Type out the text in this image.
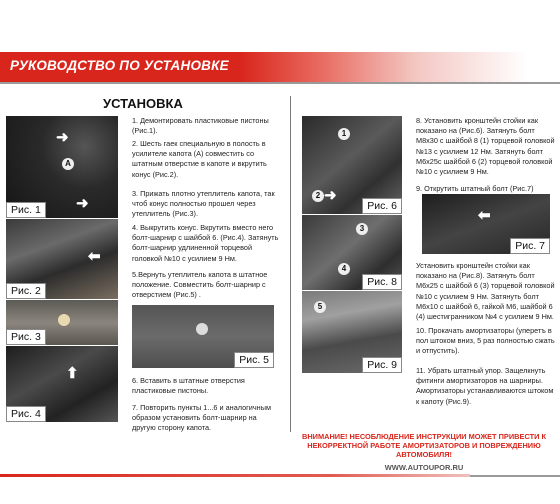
РУКОВОДСТВО ПО УСТАНОВКЕ
УСТАНОВКА
➜
➜
A
Рис. 1
⬅
Рис. 2
Рис. 3
⬆
Рис. 4
1. Демонтировать пластиковые пистоны (Рис.1).
2. Шесть гаек специальную в полость в усилителе капота (А) совместить со штатным отверстие в капоте и вкрутить конус (Рис.2).
3. Прижать плотно утеплитель капота, так чтоб конус полностью прошел через утеплитель (Рис.3).
4. Выкрутить конус. Вкрутить вместо него болт-шарнир с шайбой 6. (Рис.4). Затянуть болт-шарнир удлиненной торцевой головкой №10 с усилием 9 Нм.
5.Вернуть утеплитель капота в штатное положение. Совместить болт-шарнир с отверстием (Рис.5) .
Рис. 5
6. Вставить в штатные отверстия пластиковые пистоны.
7. Повторить пункты 1...6 и аналогичным образом установить болт-шарнир на другую сторону капота.
1
2 ➜
Рис. 6
8. Установить кронштейн стойки как показано на (Рис.6). Затянуть болт М8х30 с шайбой 8 (1) торцевой головкой №13 с усилием 12 Нм. Затянуть болт М6х25с шайбой 6 (2) торцевой головкой №10 с усилием 9 Нм.
9. Открутить штатный болт (Рис.7)
⬅
Рис. 7
3
4
Рис. 8
5
Рис. 9
Установить кронштейн стойки как показано на (Рис.8). Затянуть болт М6х25 с шайбой 6 (3) торцевой головкой №10 с усилием 9 Нм. Затянуть болт М6х10 с шайбой 6, гайкой М6, шайбой 6 (4) шестигранником №4 с усилием 9 Нм.
10. Прокачать амортизаторы (уперетъ в пол штоком вниз, 5 раз полностью сжать и отпустить).
11. Убрать штатный упор. Защелкнуть фитинги амортизаторов на шарниры. Амортизаторы устанавливаются штоком к капоту (Рис.9).
ВНИМАНИЕ! НЕСОБЛЮДЕНИЕ ИНСТРУКЦИИ МОЖЕТ ПРИВЕСТИ К НЕКОРРЕКТНОЙ РАБОТЕ АМОРТИЗАТОРОВ И ПОВРЕЖДЕНИЮ АВТОМОБИЛЯ!
WWW.AUTOUPOR.RU
